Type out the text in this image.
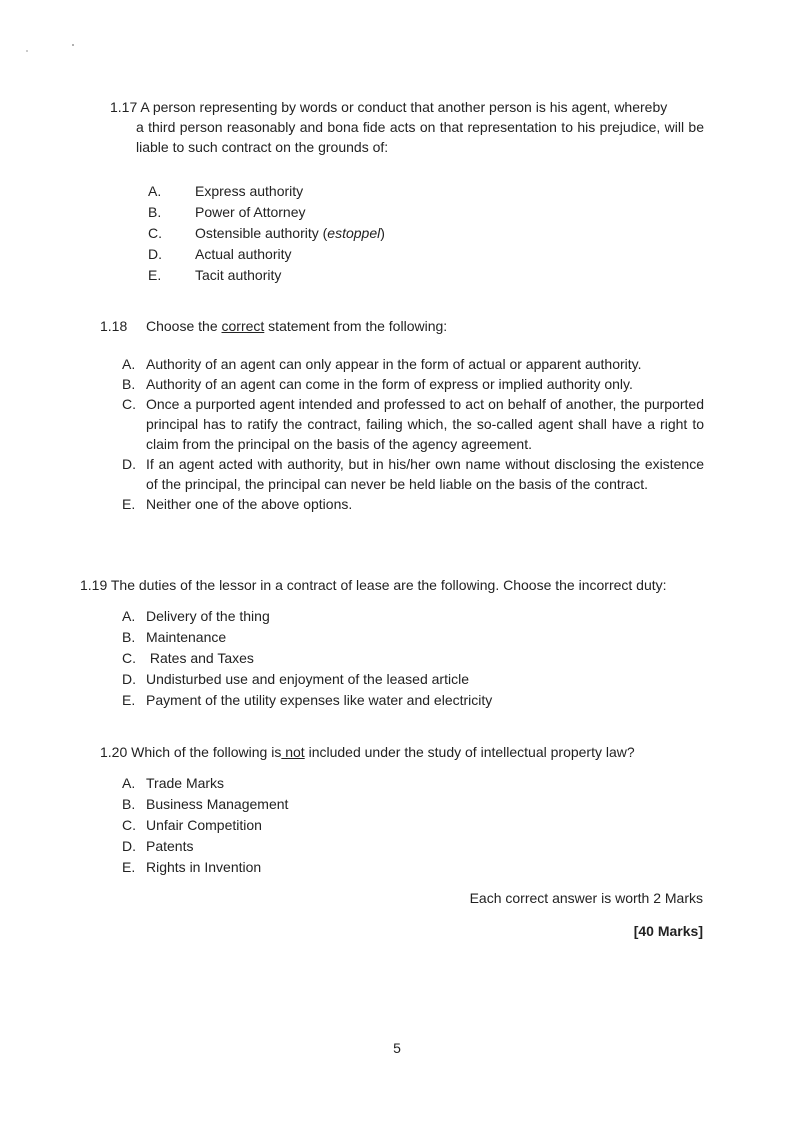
1.17 A person representing by words or conduct that another person is his agent, whereby
a third person reasonably and bona fide acts on that representation to his prejudice, will be liable to such contract on the grounds of:
A. Express authority
B. Power of Attorney
C. Ostensible authority (estoppel)
D. Actual authority
E. Tacit authority
1.18 Choose the correct statement from the following:
A. Authority of an agent can only appear in the form of actual or apparent authority.
B. Authority of an agent can come in the form of express or implied authority only.
C. Once a purported agent intended and professed to act on behalf of another, the purported principal has to ratify the contract, failing which, the so-called agent shall have a right to claim from the principal on the basis of the agency agreement.
D. If an agent acted with authority, but in his/her own name without disclosing the existence of the principal, the principal can never be held liable on the basis of the contract.
E. Neither one of the above options.
1.19 The duties of the lessor in a contract of lease are the following. Choose the incorrect duty:
A. Delivery of the thing
B. Maintenance
C. Rates and Taxes
D. Undisturbed use and enjoyment of the leased article
E. Payment of the utility expenses like water and electricity
1.20 Which of the following is not included under the study of intellectual property law?
A. Trade Marks
B. Business Management
C. Unfair Competition
D. Patents
E. Rights in Invention
Each correct answer is worth 2 Marks
[40 Marks]
5
